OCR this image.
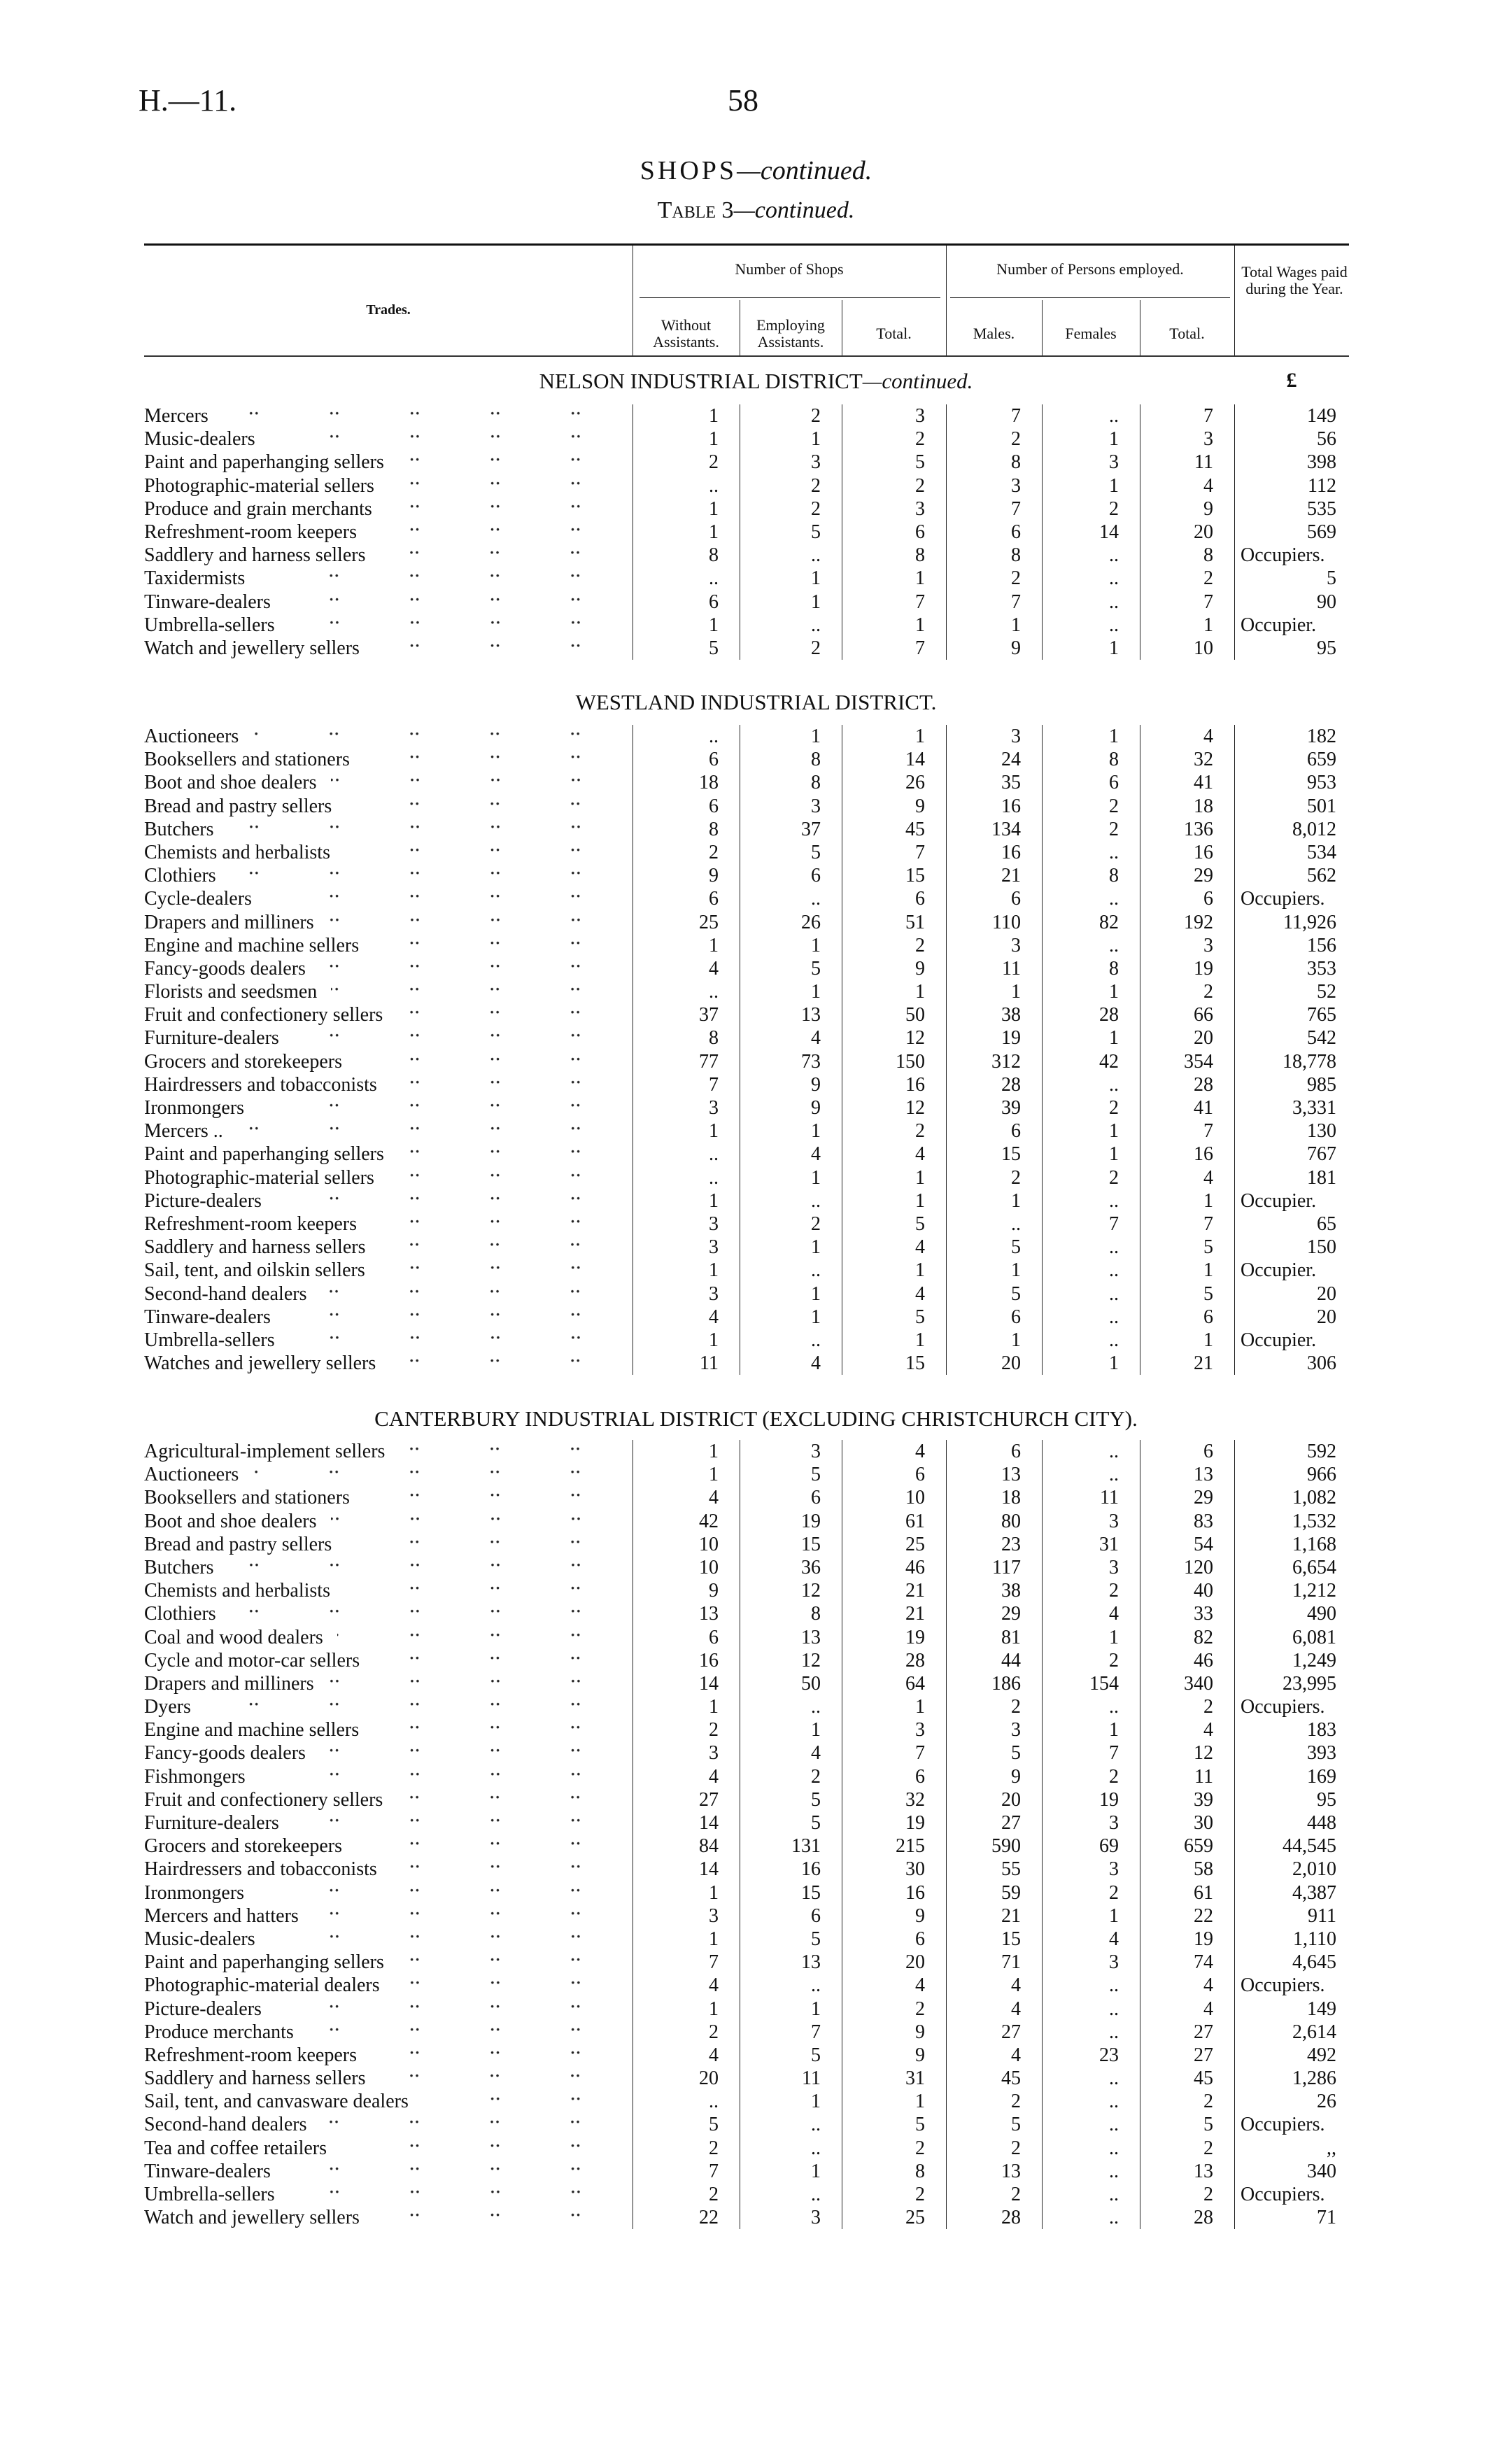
H.—11.	58
SHOPS—continued.
Table 3—continued.
Trades.
Number of Shops
Without Assistants.
Employing Assistants.	Total.
Number of Persons employed.
Males.	Females	Total.
Total Wages paid during the Year.
NELSON INDUSTRIAL DISTRICT—continued.	£
Mercers	1	2	3	7	..	7	149
Music-dealers	1	1	2	2	1	3	56
Paint and paperhanging sellers	2	3	5	8	3	11	398
Photographic-material sellers	..	2	2	3	1	4	112
Produce and grain merchants	1	2	3	7	2	9	535
Refreshment-room keepers	1	5	6	6	14	20	569
Saddlery and harness sellers	8	..	8	8	..	8	Occupiers.
Taxidermists	..	1	1	2	..	2	5
Tinware-dealers	6	1	7	7	..	7	90
Umbrella-sellers	1	..	1	1	..	1	Occupier.
Watch and jewellery sellers	5	2	7	9	1	10	95
WESTLAND INDUSTRIAL DISTRICT.
Auctioneers	..	1	1	3	1	4	182
Booksellers and stationers	6	8	14	24	8	32	659
Boot and shoe dealers	18	8	26	35	6	41	953
Bread and pastry sellers	6	3	9	16	2	18	501
Butchers	8	37	45	134	2	136	8,012
Chemists and herbalists	2	5	7	16	..	16	534
Clothiers	9	6	15	21	8	29	562
Cycle-dealers	6	..	6	6	..	6	Occupiers.
Drapers and milliners	25	26	51	110	82	192	11,926
Engine and machine sellers	1	1	2	3	..	3	156
Fancy-goods dealers	4	5	9	11	8	19	353
Florists and seedsmen	..	1	1	1	1	2	52
Fruit and confectionery sellers	37	13	50	38	28	66	765
Furniture-dealers	8	4	12	19	1	20	542
Grocers and storekeepers	77	73	150	312	42	354	18,778
Hairdressers and tobacconists	7	9	16	28	..	28	985
Ironmongers	3	9	12	39	2	41	3,331
Mercers ..	1	1	2	6	1	7	130
Paint and paperhanging sellers	..	4	4	15	1	16	767
Photographic-material sellers	..	1	1	2	2	4	181
Picture-dealers	1	..	1	1	..	1	Occupier.
Refreshment-room keepers	3	2	5	..	7	7	65
Saddlery and harness sellers	3	1	4	5	..	5	150
Sail, tent, and oilskin sellers	1	..	1	1	..	1	Occupier.
Second-hand dealers	3	1	4	5	..	5	20
Tinware-dealers	4	1	5	6	..	6	20
Umbrella-sellers	1	..	1	1	..	1	Occupier.
Watches and jewellery sellers	11	4	15	20	1	21	306
CANTERBURY INDUSTRIAL DISTRICT (EXCLUDING CHRISTCHURCH CITY).
Agricultural-implement sellers	1	3	4	6	..	6	592
Auctioneers	1	5	6	13	..	13	966
Booksellers and stationers	4	6	10	18	11	29	1,082
Boot and shoe dealers	42	19	61	80	3	83	1,532
Bread and pastry sellers	10	15	25	23	31	54	1,168
Butchers	10	36	46	117	3	120	6,654
Chemists and herbalists	9	12	21	38	2	40	1,212
Clothiers	13	8	21	29	4	33	490
Coal and wood dealers	6	13	19	81	1	82	6,081
Cycle and motor-car sellers	16	12	28	44	2	46	1,249
Drapers and milliners	14	50	64	186	154	340	23,995
Dyers	1	..	1	2	..	2	Occupiers.
Engine and machine sellers	2	1	3	3	1	4	183
Fancy-goods dealers	3	4	7	5	7	12	393
Fishmongers	4	2	6	9	2	11	169
Fruit and confectionery sellers	27	5	32	20	19	39	95
Furniture-dealers	14	5	19	27	3	30	448
Grocers and storekeepers	84	131	215	590	69	659	44,545
Hairdressers and tobacconists	14	16	30	55	3	58	2,010
Ironmongers	1	15	16	59	2	61	4,387
Mercers and hatters	3	6	9	21	1	22	911
Music-dealers	1	5	6	15	4	19	1,110
Paint and paperhanging sellers	7	13	20	71	3	74	4,645
Photographic-material dealers	4	..	4	4	..	4	Occupiers.
Picture-dealers	1	1	2	4	..	4	149
Produce merchants	2	7	9	27	..	27	2,614
Refreshment-room keepers	4	5	9	4	23	27	492
Saddlery and harness sellers	20	11	31	45	..	45	1,286
Sail, tent, and canvasware dealers	..	1	1	2	..	2	26
Second-hand dealers	5	..	5	5	..	5	Occupiers.
Tea and coffee retailers	2	..	2	2	..	2	,,
Tinware-dealers	7	1	8	13	..	13	340
Umbrella-sellers	2	..	2	2	..	2	Occupiers.
Watch and jewellery sellers	22	3	25	28	..	28	71
